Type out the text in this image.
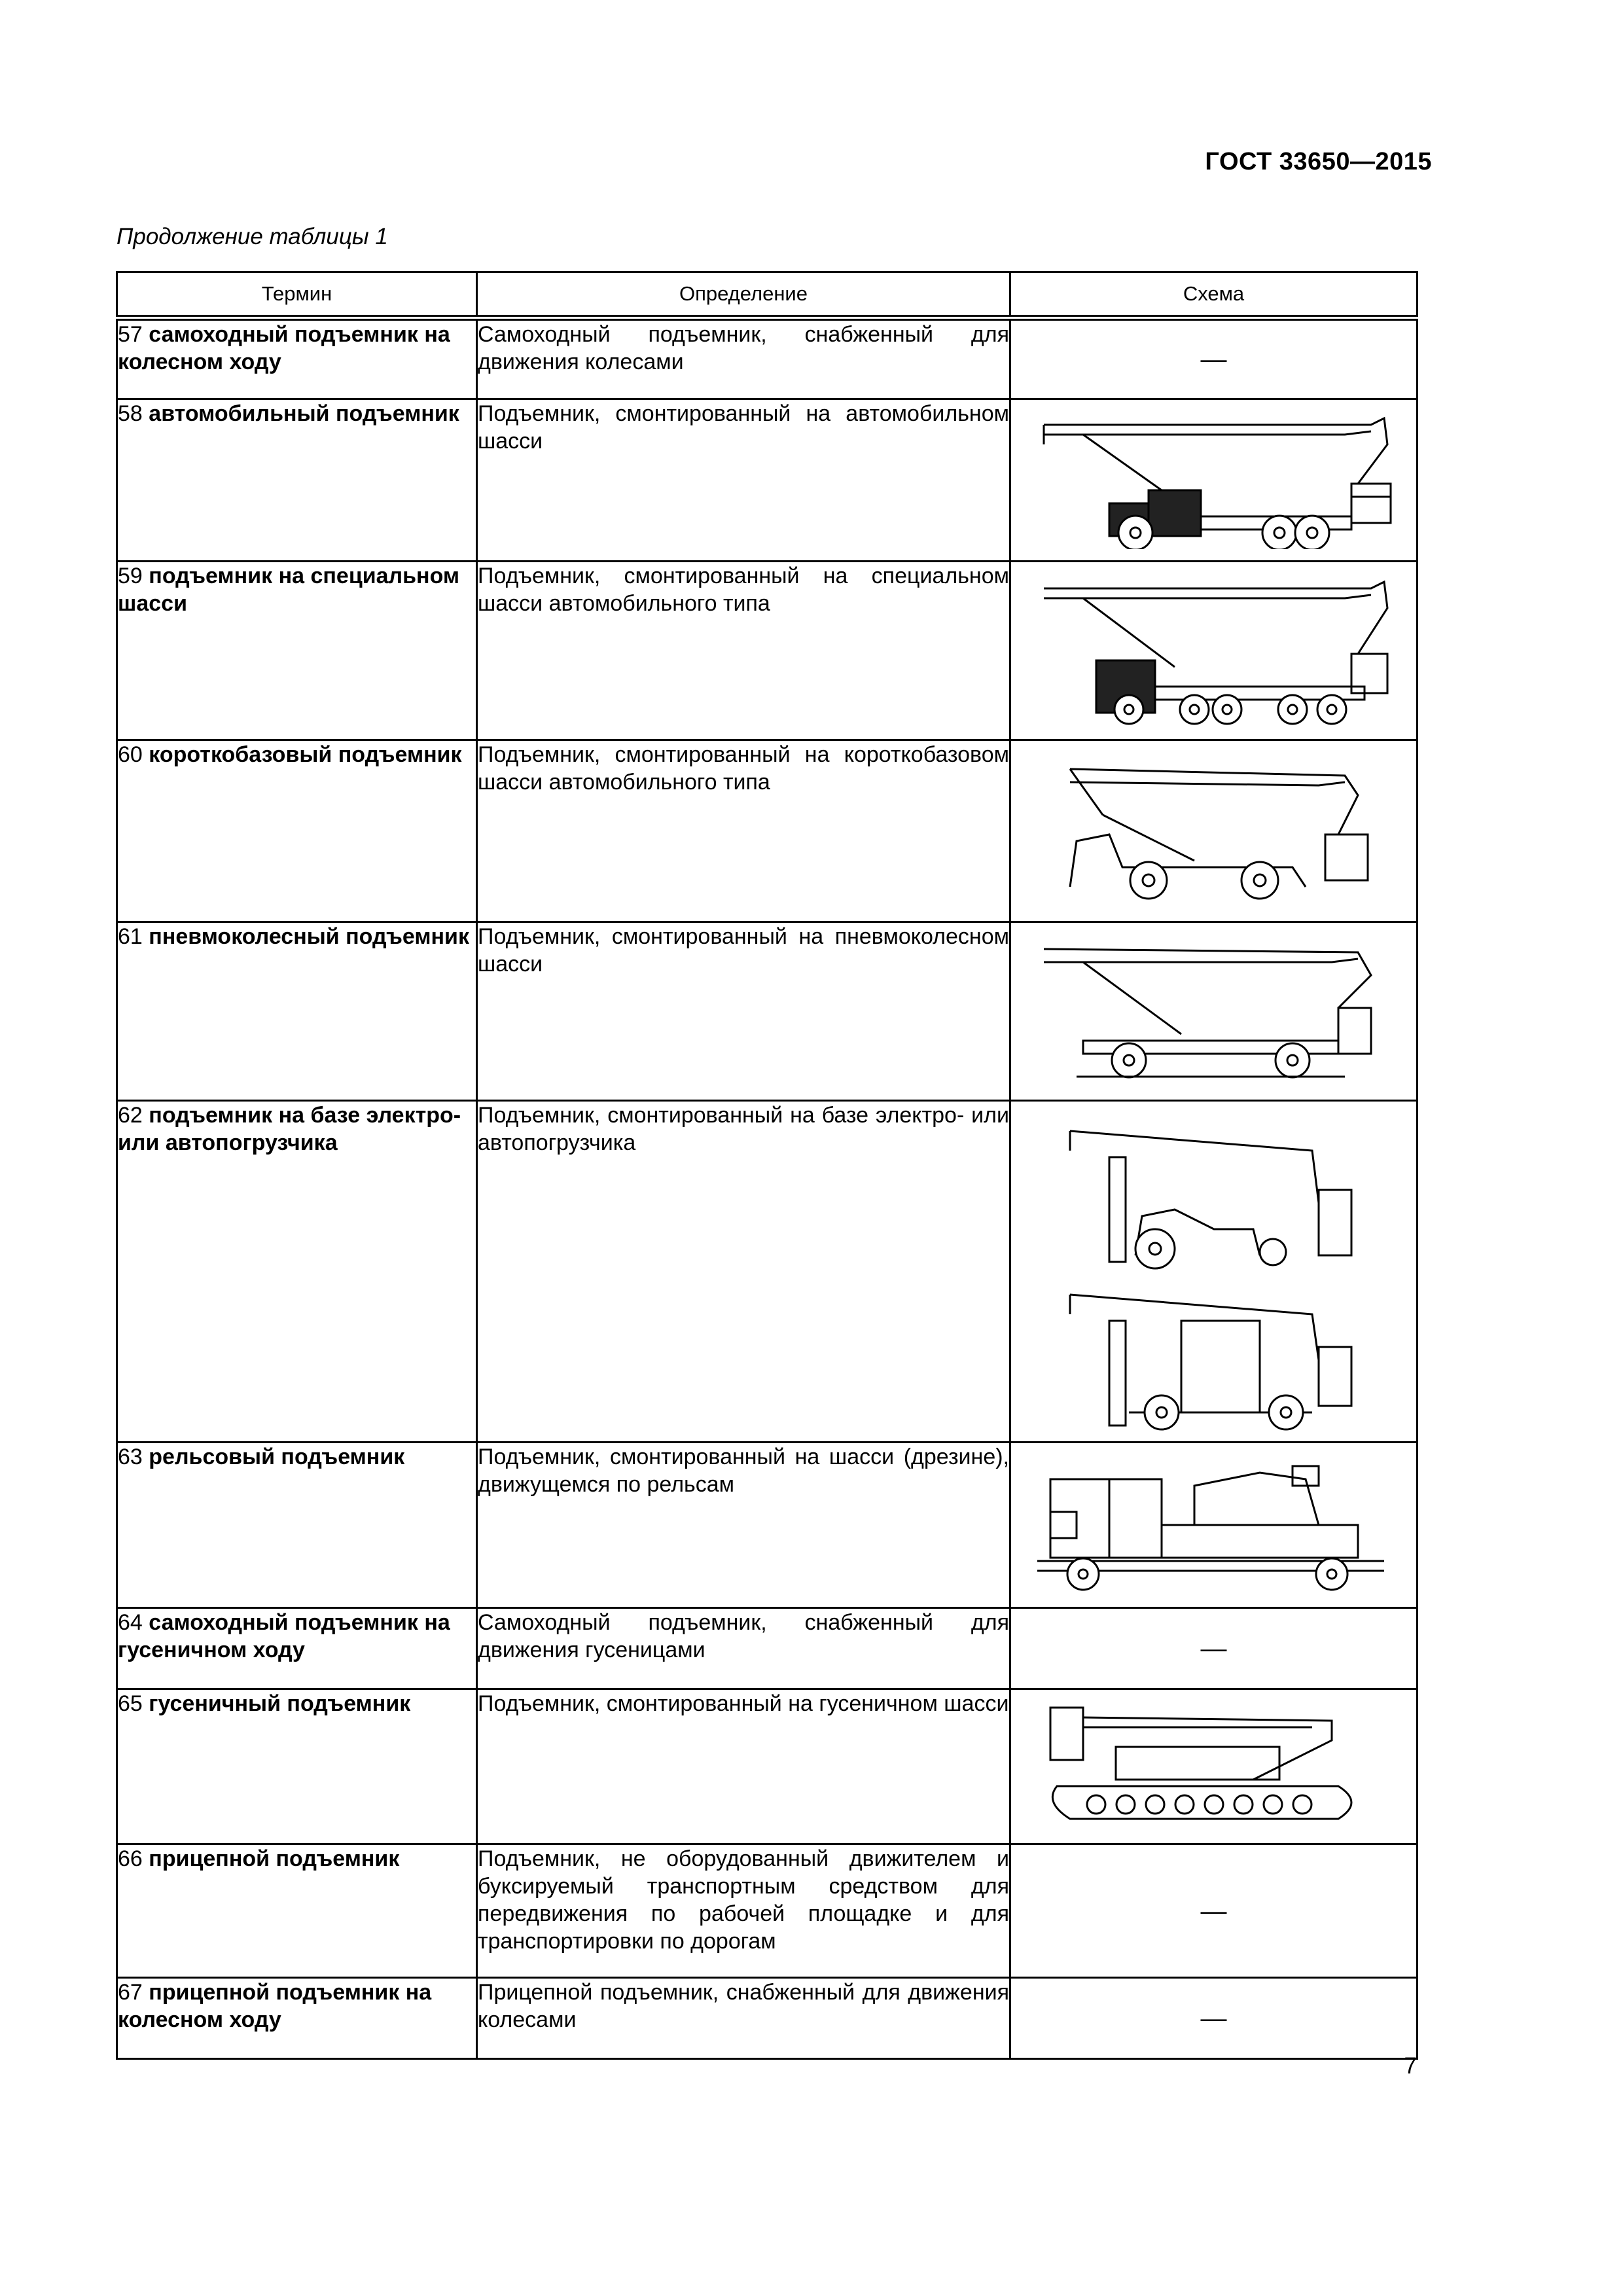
ГОСТ 33650—2015
Продолжение таблицы 1
Термин	Определение	Схема
57 самоходный подъемник на колесном ходу	Самоходный подъемник, снабженный для движения колесами	—
58 автомобильный подъемник	Подъемник, смонтированный на автомобильном шасси	

59 подъемник на специальном шасси	Подъемник, смонтированный на специальном шасси автомобильного типа	

60 короткобазовый подъемник	Подъемник, смонтированный на короткобазовом шасси автомобильного типа	

61 пневмоколесный подъемник	Подъемник, смонтированный на пневмоколесном шасси	

62 подъемник на базе электро- или автопогрузчика	Подъемник, смонтированный на базе электро- или автопогрузчика	

63 рельсовый подъемник	Подъемник, смонтированный на шасси (дрезине), движущемся по рельсам	

64 самоходный подъемник на гусеничном ходу	Самоходный подъемник, снабженный для движения гусеницами	—
65 гусеничный подъемник	Подъемник, смонтированный на гусеничном шасси	

66 прицепной подъемник	Подъемник, не оборудованный движителем и буксируемый транспортным средством для передвижения по рабочей площадке и для транспортировки по дорогам	—
67 прицепной подъемник на колесном ходу	Прицепной подъемник, снабженный для движения колесами	—
7
